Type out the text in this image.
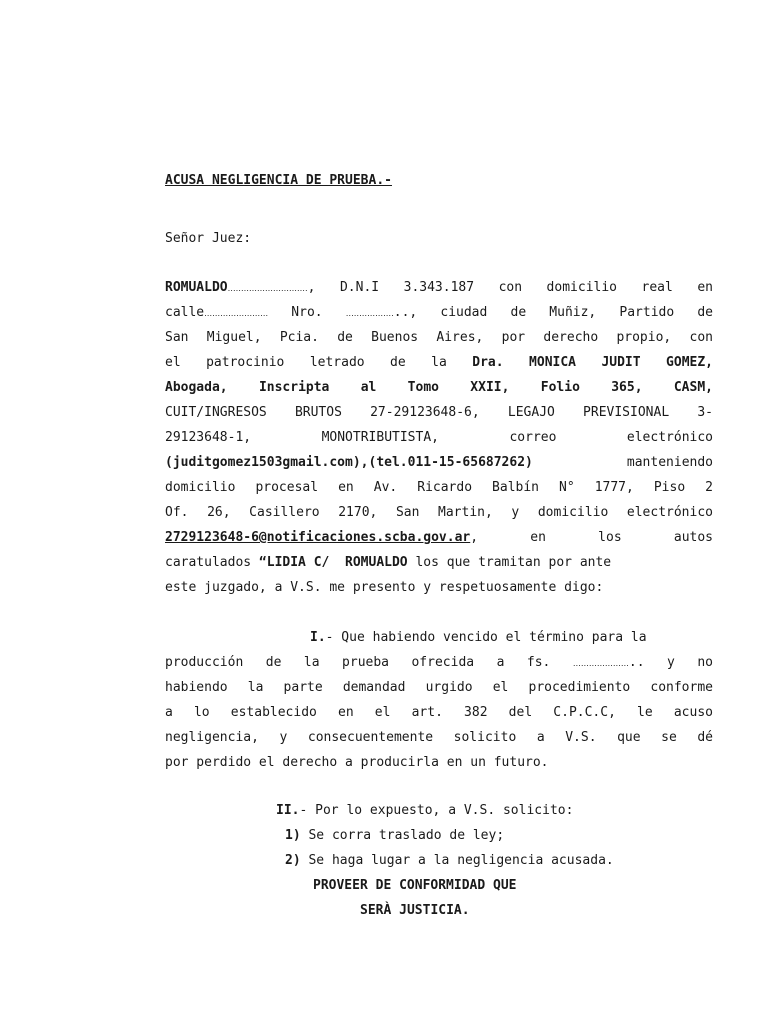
ACUSA NEGLIGENCIA DE PRUEBA.-
Señor Juez:
ROMUALDO…………………………, D.N.I 3.343.187 con domicilio real en
calle…………………… Nro. ……………….., ciudad de Muñiz, Partido de
San Miguel, Pcia. de Buenos Aires, por derecho propio, con
el patrocinio letrado de la Dra. MONICA JUDIT GOMEZ,
Abogada, Inscripta al Tomo XXII, Folio 365, CASM,
CUIT/INGRESOS BRUTOS 27-29123648-6, LEGAJO PREVISIONAL 3-
29123648-1, MONOTRIBUTISTA, correo electrónico
(juditgomez1503gmail.com),(tel.011-15-65687262) manteniendo
domicilio procesal en Av. Ricardo Balbín N° 1777, Piso 2
Of. 26, Casillero 2170, San Martin, y domicilio electrónico
2729123648-6@notificaciones.scba.gov.ar, en los autos
caratulados “LIDIA C/  ROMUALDO los que tramitan por ante
este juzgado, a V.S. me presento y respetuosamente digo:
I.- Que habiendo vencido el término para la
producción de la prueba ofrecida a fs. ………………….. y no
habiendo la parte demandad urgido el procedimiento conforme
a lo establecido en el art. 382 del C.P.C.C, le acuso
negligencia, y consecuentemente solicito a V.S. que se dé
por perdido el derecho a producirla en un futuro.
II.- Por lo expuesto, a V.S. solicito:
1) Se corra traslado de ley;
2) Se haga lugar a la negligencia acusada.
PROVEER DE CONFORMIDAD QUE
SERÀ JUSTICIA.
